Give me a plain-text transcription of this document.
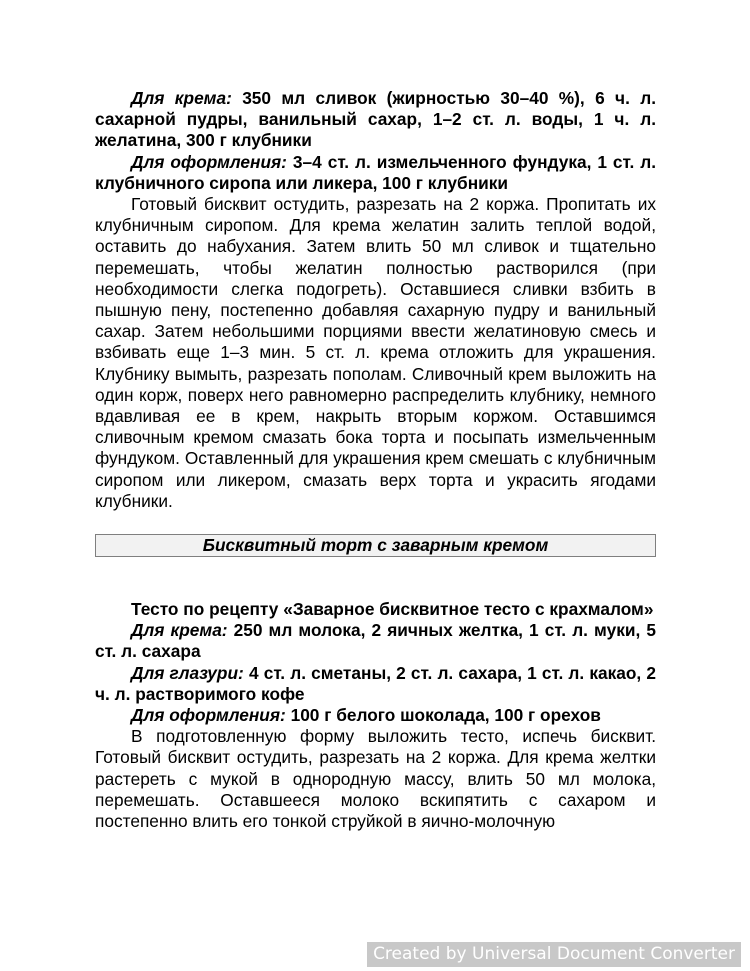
Для крема: 350 мл сливок (жирностью 30–40 %), 6 ч. л. сахарной пудры, ванильный сахар, 1–2 ст. л. воды, 1 ч. л. желатина, 300 г клубники

Для оформления: 3–4 ст. л. измельченного фундука, 1 ст. л. клубничного сиропа или ликера, 100 г клубники

Готовый бисквит остудить, разрезать на 2 коржа. Пропитать их клубничным сиропом. Для крема желатин залить теплой водой, оставить до набухания. Затем влить 50 мл сливок и тщательно перемешать, чтобы желатин полностью растворился (при необходимости слегка подогреть). Оставшиеся сливки взбить в пышную пену, постепенно добавляя сахарную пудру и ванильный сахар. Затем небольшими порциями ввести желатиновую смесь и взбивать еще 1–3 мин. 5 ст. л. крема отложить для украшения. Клубнику вымыть, разрезать пополам. Сливочный крем выложить на один корж, поверх него равномерно распределить клубнику, немного вдавливая ее в крем, накрыть вторым коржом. Оставшимся сливочным кремом смазать бока торта и посыпать измельченным фундуком. Оставленный для украшения крем смешать с клубничным сиропом или ликером, смазать верх торта и украсить ягодами клубники.

Бисквитный торт с заварным кремом

Тесто по рецепту «Заварное бисквитное тесто с крахмалом»

Для крема: 250 мл молока, 2 яичных желтка, 1 ст. л. муки, 5 ст. л. сахара

Для глазури: 4 ст. л. сметаны, 2 ст. л. сахара, 1 ст. л. какао, 2 ч. л. растворимого кофе

Для оформления: 100 г белого шоколада, 100 г орехов

В подготовленную форму выложить тесто, испечь бисквит. Готовый бисквит остудить, разрезать на 2 коржа. Для крема желтки растереть с мукой в однородную массу, влить 50 мл молока, перемешать. Оставшееся молоко вскипятить с сахаром и постепенно влить его тонкой струйкой в яично-молочную

Created by Universal Document Converter
